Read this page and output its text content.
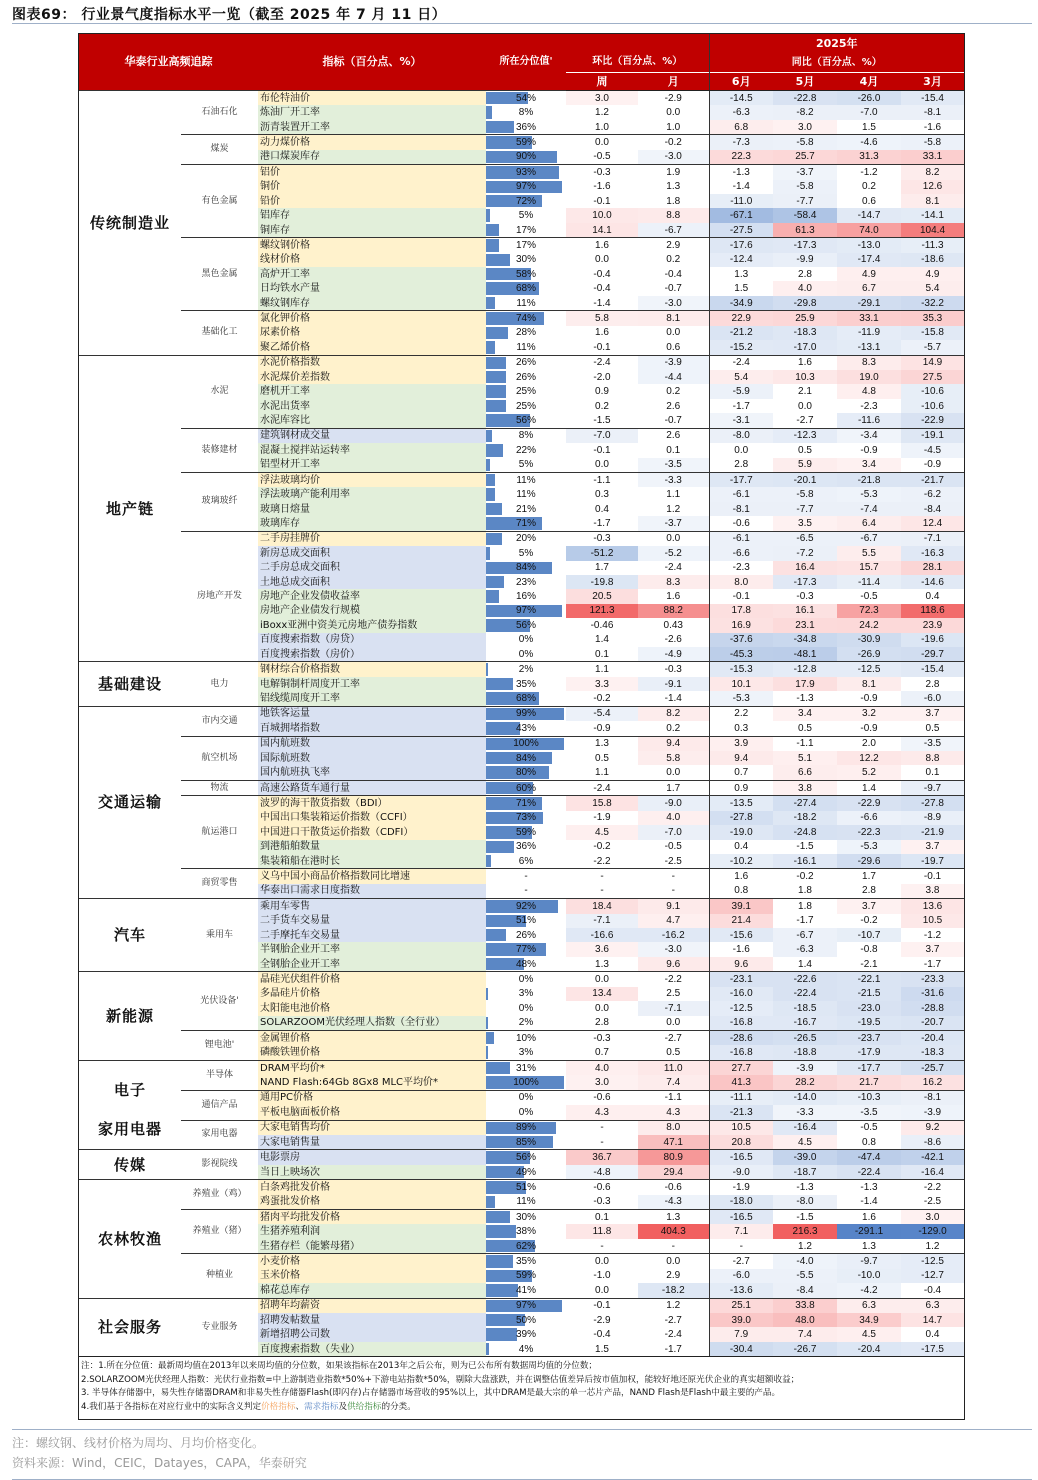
图表69： 行业景气度指标水平一览（截至 2025 年 7 月 11 日）
华泰行业高频追踪		指标（百分点、%）	所在分位值'	环比（百分点、%）		2025年			
						同比（百分点、%）			
				周	月	6月	5月	4月	3月
传统制造业	石油石化	布伦特油价	54%	3.0	-2.9	-14.5	-22.8	-26.0	-15.4
		炼油厂开工率	8%	1.2	0.0	-6.3	-8.2	-7.0	-8.1
		沥青装置开工率	36%	1.0	1.0	6.8	3.0	1.5	-1.6
	煤炭	动力煤价格	59%	0.0	-0.2	-7.3	-5.8	-4.6	-5.8
		港口煤炭库存	90%	-0.5	-3.0	22.3	25.7	31.3	33.1
	有色金属	铝价	93%	-0.3	1.9	-1.3	-3.7	-1.2	8.2
		铜价	97%	-1.6	1.3	-1.4	-5.8	0.2	12.6
		铅价	72%	-0.1	1.8	-11.0	-7.7	0.6	8.1
		铝库存	5%	10.0	8.8	-67.1	-58.4	-14.7	-14.1
		铜库存	17%	14.1	-6.7	-27.5	61.3	74.0	104.4
	黑色金属	螺纹钢价格	17%	1.6	2.9	-17.6	-17.3	-13.0	-11.3
		线材价格	30%	0.0	0.2	-12.4	-9.9	-17.4	-18.6
		高炉开工率	58%	-0.4	-0.4	1.3	2.8	4.9	4.9
		日均铁水产量	68%	-0.4	-0.7	1.5	4.0	6.7	5.4
		螺纹钢库存	11%	-1.4	-3.0	-34.9	-29.8	-29.1	-32.2
	基础化工	氯化钾价格	74%	5.8	8.1	22.9	25.9	33.1	35.3
		尿素价格	28%	1.6	0.0	-21.2	-18.3	-11.9	-15.8
		聚乙烯价格	11%	-0.1	0.6	-15.2	-17.0	-13.1	-5.7
地产链	水泥	水泥价格指数	26%	-2.4	-3.9	-2.4	1.6	8.3	14.9
		水泥煤价差指数	26%	-2.0	-4.4	5.4	10.3	19.0	27.5
		磨机开工率	25%	0.9	0.2	-5.9	2.1	4.8	-10.6
		水泥出货率	25%	0.2	2.6	-1.7	0.0	-2.3	-10.6
		水泥库容比	56%	-1.5	-0.7	-3.1	-2.7	-11.6	-22.9
	装修建材	建筑钢材成交量	8%	-7.0	2.6	-8.0	-12.3	-3.4	-19.1
		混凝土搅拌站运转率	22%	-0.1	0.1	0.0	0.5	-0.9	-4.5
		铝型材开工率	5%	0.0	-3.5	2.8	5.9	3.4	-0.9
	玻璃玻纤	浮法玻璃均价	11%	-1.1	-3.3	-17.7	-20.1	-21.8	-21.7
		浮法玻璃产能利用率	11%	0.3	1.1	-6.1	-5.8	-5.3	-6.2
		玻璃日熔量	21%	0.4	1.2	-8.1	-7.7	-7.4	-8.4
		玻璃库存	71%	-1.7	-3.7	-0.6	3.5	6.4	12.4
	房地产开发	二手房挂牌价	20%	-0.3	0.0	-6.1	-6.5	-6.7	-7.1
		新房总成交面积	5%	-51.2	-5.2	-6.6	-7.2	5.5	-16.3
		二手房总成交面积	84%	1.7	-2.4	-2.3	16.4	15.7	28.1
		土地总成交面积	23%	-19.8	8.3	8.0	-17.3	-11.4	-14.6
		房地产企业发债收益率	16%	20.5	1.6	-0.1	-0.3	-0.5	0.4
		房地产企业债发行规模	97%	121.3	88.2	17.8	16.1	72.3	118.6
		iBoxx亚洲中资美元房地产债券指数	56%	-0.46	0.43	16.9	23.1	24.2	23.9
		百度搜索指数（房贷）	0%	1.4	-2.6	-37.6	-34.8	-30.9	-19.6
		百度搜索指数（房价）	0%	0.1	-4.9	-45.3	-48.1	-26.9	-29.7
基础建设	电力	钢材综合价格指数	2%	1.1	-0.3	-15.3	-12.8	-12.5	-15.4
		电解铜制杆周度开工率	35%	3.3	-9.1	10.1	17.9	8.1	2.8
		铝线缆周度开工率	68%	-0.2	-1.4	-5.3	-1.3	-0.9	-6.0
交通运输	市内交通	地铁客运量	99%	-5.4	8.2	2.2	3.4	3.2	3.7
		百城拥堵指数	43%	-0.9	0.2	0.3	0.5	-0.9	0.5
	航空机场	国内航班数	100%	1.3	9.4	3.9	-1.1	2.0	-3.5
		国际航班数	84%	0.5	5.8	9.4	5.1	12.2	8.8
		国内航班执飞率	80%	1.1	0.0	0.7	6.6	5.2	0.1
	物流	高速公路货车通行量	60%	-2.4	1.7	0.9	3.8	1.4	-9.7
	航运港口	波罗的海干散货指数（BDI）	71%	15.8	-9.0	-13.5	-27.4	-22.9	-27.8
		中国出口集装箱运价指数（CCFI）	73%	-1.9	4.0	-27.8	-18.2	-6.6	-8.9
		中国进口干散货运价指数（CDFI）	59%	4.5	-7.0	-19.0	-24.8	-22.3	-21.9
		到港船舶数量	36%	-0.2	-0.5	0.4	-1.5	-5.3	3.7
		集装箱船在港时长	6%	-2.2	-2.5	-10.2	-16.1	-29.6	-19.7
	商贸零售	义乌中国小商品价格指数同比增速	-	-	-	1.6	-0.2	1.7	-0.1
		华泰出口需求日度指数	-	-	-	0.8	1.8	2.8	3.8
汽车	乘用车	乘用车零售	92%	18.4	9.1	39.1	1.8	3.7	13.6
		二手货车交易量	51%	-7.1	4.7	21.4	-1.7	-0.2	10.5
		二手摩托车交易量	26%	-16.6	-16.2	-15.6	-6.7	-10.7	-1.2
		半钢胎企业开工率	77%	3.6	-3.0	-1.6	-6.3	-0.8	3.7
		全钢胎企业开工率	48%	1.3	9.6	9.6	1.4	-2.1	-1.7
新能源	光伏设备'	晶硅光伏组件价格	0%	0.0	-2.2	-23.1	-22.6	-22.1	-23.3
		多晶硅片价格	3%	13.4	2.5	-16.0	-22.4	-21.5	-31.6
		太阳能电池价格	0%	0.0	-7.1	-12.5	-18.5	-23.0	-28.8
		SOLARZOOM光伏经理人指数（全行业）	2%	2.8	0.0	-16.8	-16.7	-19.5	-20.7
	锂电池'	金属锂价格	10%	-0.3	-2.7	-28.6	-26.5	-23.7	-20.4
		磷酸铁锂价格	3%	0.7	0.5	-16.8	-18.8	-17.9	-18.3
电子	半导体	DRAM平均价*	31%	4.0	11.0	27.7	-3.9	-17.7	-25.7
		NAND Flash:64Gb 8Gx8 MLC平均价*	100%	3.0	7.4	41.3	28.2	21.7	16.2
	通信产品	通用PC价格	0%	-0.6	-1.1	-11.1	-14.0	-10.3	-8.1
		平板电脑面板价格	0%	4.3	4.3	-21.3	-3.3	-3.5	-3.9
家用电器	家用电器	大家电销售均价	89%	-	8.0	10.5	-16.4	-0.5	9.2
		大家电销售量	85%	-	47.1	20.8	4.5	0.8	-8.6
传媒	影视院线	电影票房	56%	36.7	80.9	-16.5	-39.0	-47.4	-42.1
		当日上映场次	49%	-4.8	29.4	-9.0	-18.7	-22.4	-16.4
农林牧渔	养殖业（鸡）	白条鸡批发价格	51%	-0.6	-0.6	-1.9	-1.3	-1.3	-2.2
		鸡蛋批发价格	11%	-0.3	-4.3	-18.0	-8.0	-1.4	-2.5
	养殖业（猪）	猪肉平均批发价格	30%	0.1	1.3	-16.5	-1.5	1.6	3.0
		生猪养殖利润	38%	11.8	404.3	7.1	216.3	-291.1	-129.0
		生猪存栏（能繁母猪）	62%	-	-	-	1.2	1.3	1.2
	种植业	小麦价格	35%	0.0	0.0	-2.7	-4.0	-9.7	-12.5
		玉米价格	59%	-1.0	2.9	-6.0	-5.5	-10.0	-12.7
		棉花总库存	41%	0.0	-18.2	-13.6	-8.4	-4.2	-0.4
社会服务	专业服务	招聘年均薪资	97%	-0.1	1.2	25.1	33.8	6.3	6.3
		招聘发帖数量	50%	-2.9	-2.7	39.0	48.0	34.9	14.7
		新增招聘公司数	39%	-0.4	-2.4	7.9	7.4	4.5	0.4
		百度搜索指数（失业）	4%	1.5	-1.7	-30.4	-26.7	-20.4	-17.5
注：1.所在分位值：最新周均值在2013年以来周均值的分位数，如果该指标在2013年之后公布，则为已公布所有数据周均值的分位数；
2.SOLARZOOM光伏经理人指数：光伏行业指数=中上游制造业指数*50%+下游电站指数*50%，剔除大盘涨跌，并在调整估值差异后按市值加权，能较好地还原光伏企业的真实超额收益；
3. 半导体存储器中，易失性存储器DRAM和非易失性存储器Flash(即闪存)占存储器市场营收的95%以上，其中DRAM是最大宗的单一芯片产品，NAND Flash是Flash中最主要的产品。
4.我们基于各指标在对应行业中的实际含义判定价格指标、需求指标及供给指标的分类。
注：螺纹钢、线材价格为周均、月均价格变化。
资料来源：Wind，CEIC，Datayes，CAPA，华泰研究
